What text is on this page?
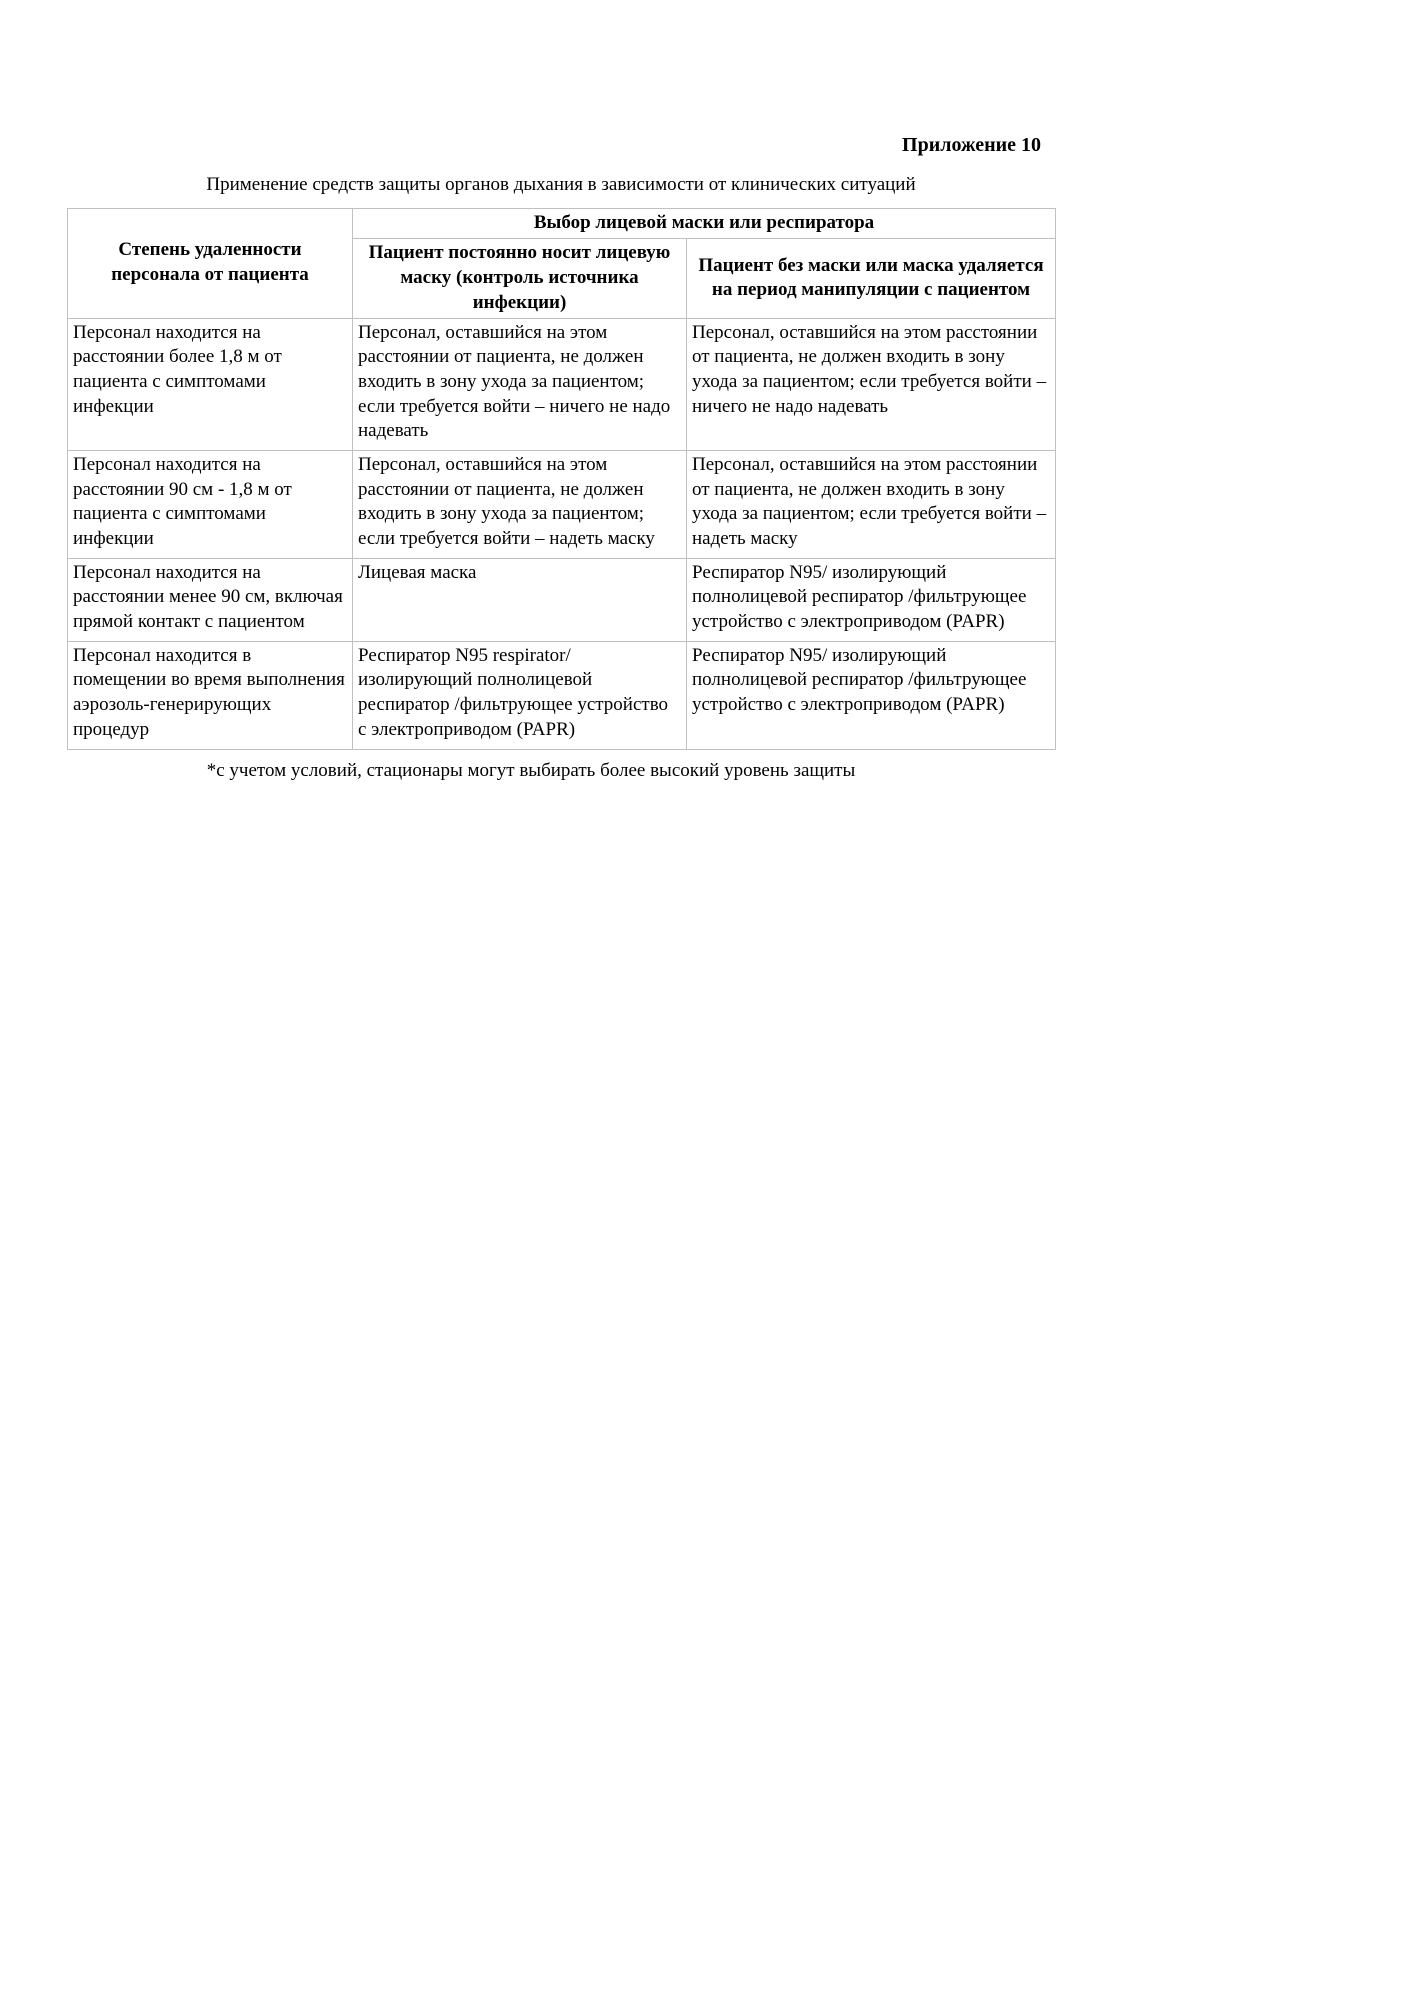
Приложение 10
Применение средств защиты органов дыхания в зависимости от клинических ситуаций
Степень удаленности персонала от пациента	Выбор лицевой маски или респиратора	
	Пациент постоянно носит лицевую маску (контроль источника инфекции)	Пациент без маски или маска удаляется на период манипуляции с пациентом
Персонал находится на расстоянии более 1,8 м от пациента с симптомами инфекции	Персонал, оставшийся на этом расстоянии от пациента, не должен входить в зону ухода за пациентом; если требуется войти – ничего не надо надевать	Персонал, оставшийся на этом расстоянии от пациента, не должен входить в зону ухода за пациентом; если требуется войти – ничего не надо надевать
Персонал находится на расстоянии 90 см - 1,8 м от пациента с симптомами инфекции	Персонал, оставшийся на этом расстоянии от пациента, не должен входить в зону ухода за пациентом; если требуется войти – надеть маску	Персонал, оставшийся на этом расстоянии от пациента, не должен входить в зону ухода за пациентом; если требуется войти – надеть маску
Персонал находится на расстоянии менее 90 см, включая прямой контакт с пациентом	Лицевая маска	Респиратор N95/ изолирующий полнолицевой респиратор /фильтрующее устройство с электроприводом (PAPR)
Персонал находится в помещении во время выполнения аэрозоль-генерирующих процедур	Респиратор N95 respirator/ изолирующий полнолицевой респиратор /фильтрующее устройство с электроприводом (PAPR)	Респиратор N95/ изолирующий полнолицевой респиратор /фильтрующее устройство с электроприводом (PAPR)
*с учетом условий, стационары могут выбирать более высокий уровень защиты
